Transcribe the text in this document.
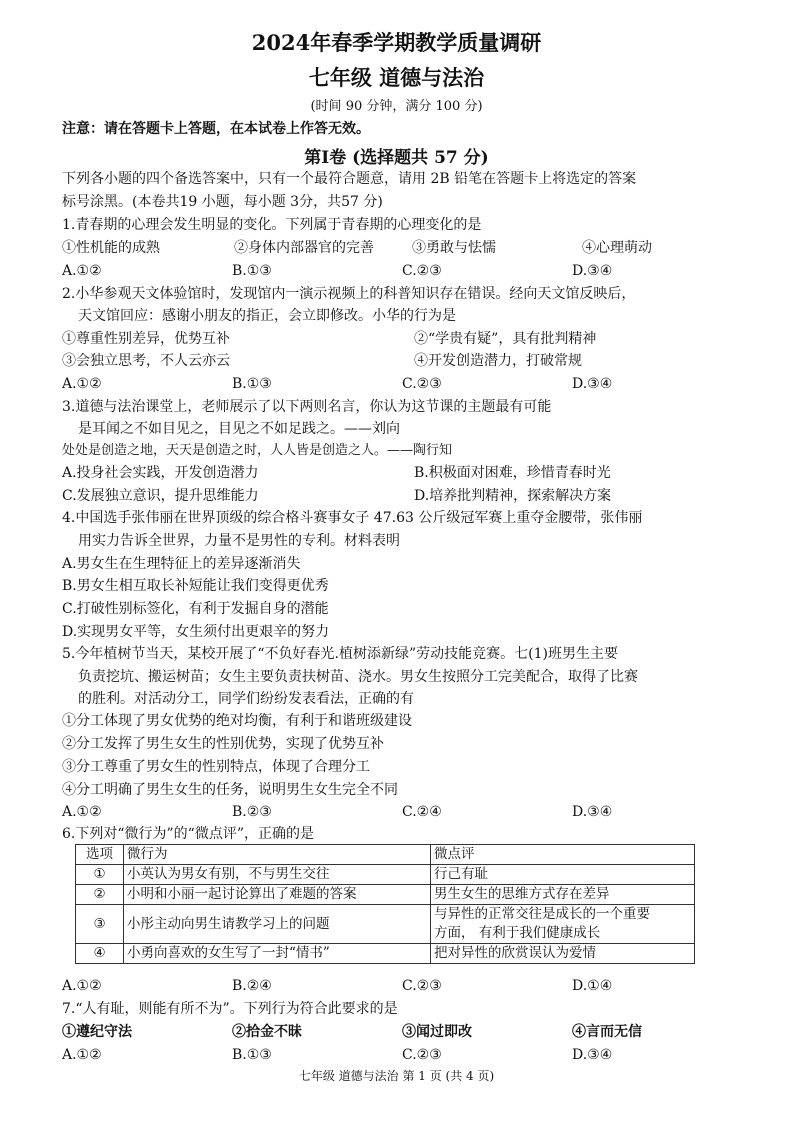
2024年春季学期教学质量调研
七年级 道德与法治
(时间 90 分钟，满分 100 分)
注意：请在答题卡上答题，在本试卷上作答无效。
第Ⅰ卷 (选择题共 57 分)
下列各小题的四个备选答案中，只有一个最符合题意，请用 2B 铅笔在答题卡上将选定的答案
标号涂黑。(本卷共19 小题，每小题 3分，共57 分)
1.青春期的心理会发生明显的变化。下列属于青春期的心理变化的是
①性机能的成熟	②身体内部器官的完善	③勇敢与怯懦	④心理萌动
A.①②	B.①③	C.②③	D.③④
2.小华参观天文体验馆时，发现馆内一演示视频上的科普知识存在错误。经向天文馆反映后，
天文馆回应：感谢小朋友的指正，会立即修改。小华的行为是
①尊重性别差异，优势互补	②“学贵有疑”，具有批判精神
③会独立思考，不人云亦云	④开发创造潜力，打破常规
A.①②	B.①③	C.②③	D.③④
3.道德与法治课堂上，老师展示了以下两则名言，你认为这节课的主题最有可能
是耳闻之不如目见之，目见之不如足践之。——刘向
处处是创造之地，天天是创造之时，人人皆是创造之人。——陶行知
A.投身社会实践，开发创造潜力	B.积极面对困难，珍惜青春时光
C.发展独立意识，提升思维能力	D.培养批判精神，探索解决方案
4.中国选手张伟丽在世界顶级的综合格斗赛事女子 47.63 公斤级冠军赛上重夺金腰带，张伟丽
用实力告诉全世界，力量不是男性的专利。材料表明
A.男女生在生理特征上的差异逐渐消失
B.男女生相互取长补短能让我们变得更优秀
C.打破性别标签化，有利于发掘自身的潜能
D.实现男女平等，女生须付出更艰辛的努力
5.今年植树节当天，某校开展了“不负好春光.植树添新绿”劳动技能竞赛。七(1)班男生主要
负责挖坑、搬运树苗；女生主要负责扶树苗、浇水。男女生按照分工完美配合，取得了比赛
的胜利。对活动分工，同学们纷纷发表看法，正确的有
①分工体现了男女优势的绝对均衡，有利于和谐班级建设
②分工发挥了男生女生的性别优势，实现了优势互补
③分工尊重了男女生的性别特点，体现了合理分工
④分工明确了男生女生的任务，说明男生女生完全不同
A.①②	B.②③	C.②④	D.③④
6.下列对“微行为”的“微点评”，正确的是
选项	微行为	微点评
①	小英认为男女有别，不与男生交往	行己有耻
②	小明和小丽一起讨论算出了难题的答案	男生女生的思维方式存在差异
③	小彤主动向男生请教学习上的问题	与异性的正常交往是成长的一个重要
方面， 有利于我们健康成长

④	小勇向喜欢的女生写了一封“情书”	把对异性的欣赏误认为爱情
A.①②	B.②④	C.②③	D.①④
7.“人有耻，则能有所不为”。下列行为符合此要求的是
①遵纪守法	②拾金不昧	③闻过即改	④言而无信
A.①②	B.①③	C.②③	D.③④
七年级 道德与法治 第 1 页 (共 4 页)
